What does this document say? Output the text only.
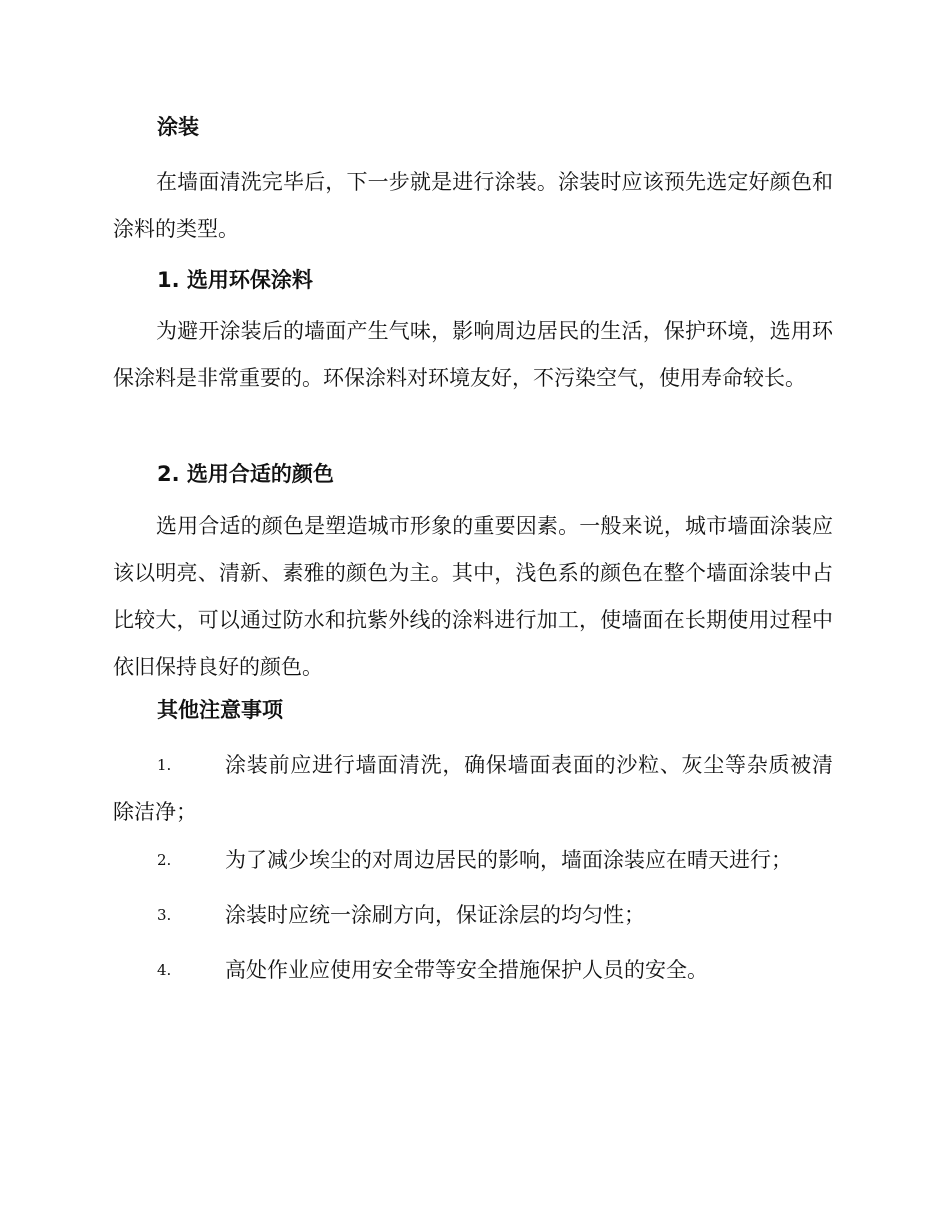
涂装
在墙面清洗完毕后，下一步就是进行涂装。涂装时应该预先选定好颜色和涂料的类型。
1. 选用环保涂料
为避开涂装后的墙面产生气味，影响周边居民的生活，保护环境，选用环保涂料是非常重要的。环保涂料对环境友好，不污染空气，使用寿命较长。
2. 选用合适的颜色
选用合适的颜色是塑造城市形象的重要因素。一般来说，城市墙面涂装应该以明亮、清新、素雅的颜色为主。其中，浅色系的颜色在整个墙面涂装中占比较大，可以通过防水和抗紫外线的涂料进行加工，使墙面在长期使用过程中依旧保持良好的颜色。
其他注意事项
1.	涂装前应进行墙面清洗，确保墙面表面的沙粒、灰尘等杂质被清除洁净；
2.	为了减少埃尘的对周边居民的影响，墙面涂装应在晴天进行；
3.	涂装时应统一涂刷方向，保证涂层的均匀性；
4.	高处作业应使用安全带等安全措施保护人员的安全。
